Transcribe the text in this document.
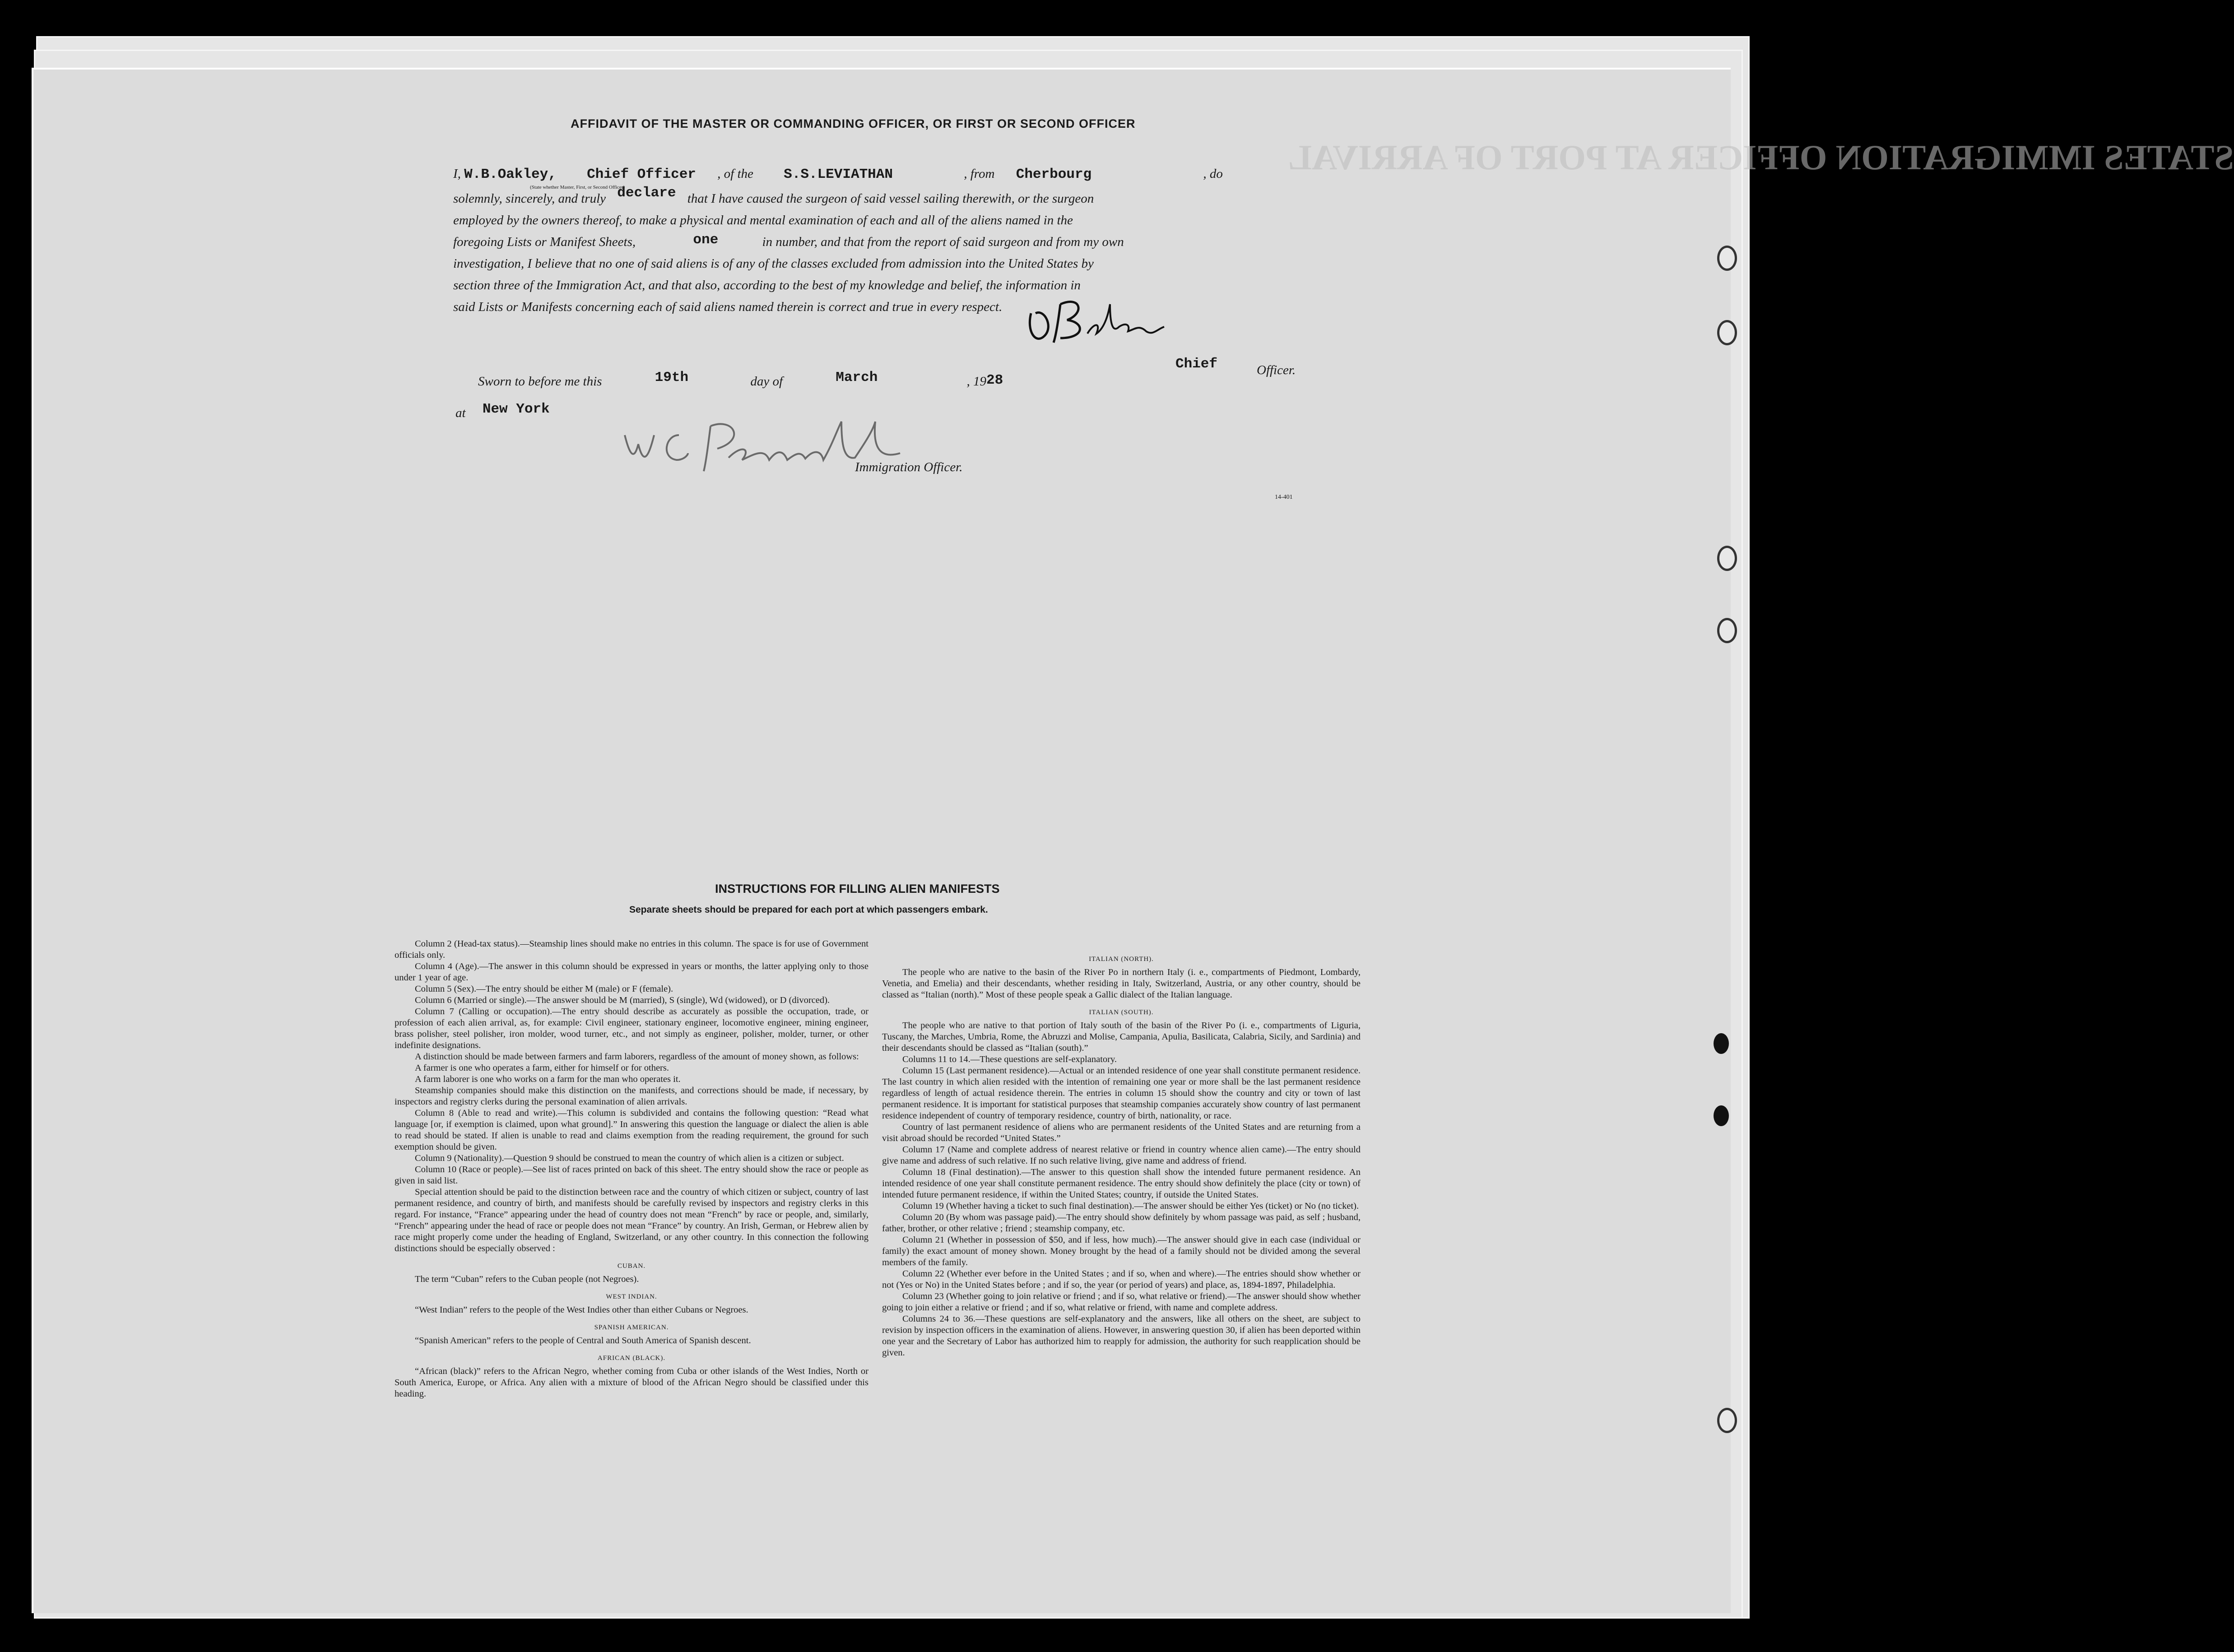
STATES IMMIGRATION OFFICER AT PORT OF ARRIVAL
AFFIDAVIT OF THE MASTER OR COMMANDING OFFICER, OR FIRST OR SECOND OFFICER
I, W.B.Oakley, Chief Officer , of the S.S.LEVIATHAN	, from Cherbourg	, do
(State whether Master, First, or Second Officer)
solemnly, sincerely, and truly declare that I have caused the surgeon of said vessel sailing therewith, or the surgeon
employed by the owners thereof, to make a physical and mental examination of each and all of the aliens named in the
foregoing Lists or Manifest Sheets,	one	in number, and that from the report of said surgeon and from my own
investigation, I believe that no one of said aliens is of any of the classes excluded from admission into the United States by
section three of the Immigration Act, and that also, according to the best of my knowledge and belief, the information in
said Lists or Manifests concerning each of said aliens named therein is correct and true in every respect.
Sworn to before me this	19th	day of	March	, 1928
Chief	Officer.
at New York
Immigration Officer.
14-401
INSTRUCTIONS FOR FILLING ALIEN MANIFESTS
Separate sheets should be prepared for each port at which passengers embark.

Column 2 (Head-tax status).—Steamship lines should make no entries in this column. The space is for use of Government officials only.

Column 4 (Age).—The answer in this column should be expressed in years or months, the latter applying only to those under 1 year of age.

Column 5 (Sex).—The entry should be either M (male) or F (female).

Column 6 (Married or single).—The answer should be M (married), S (single), Wd (widowed), or D (divorced).

Column 7 (Calling or occupation).—The entry should describe as accurately as possible the occupation, trade, or profession of each alien arrival, as, for example: Civil engineer, stationary engineer, locomotive engineer, mining engineer, brass polisher, steel polisher, iron molder, wood turner, etc., and not simply as engineer, polisher, molder, turner, or other indefinite designations.

A distinction should be made between farmers and farm laborers, regardless of the amount of money shown, as follows:

A farmer is one who operates a farm, either for himself or for others.

A farm laborer is one who works on a farm for the man who operates it.

Steamship companies should make this distinction on the manifests, and corrections should be made, if necessary, by inspectors and registry clerks during the personal examination of alien arrivals.

Column 8 (Able to read and write).—This column is subdivided and contains the following question: “Read what language [or, if exemption is claimed, upon what ground].” In answering this question the language or dialect the alien is able to read should be stated. If alien is unable to read and claims exemption from the reading requirement, the ground for such exemption should be given.

Column 9 (Nationality).—Question 9 should be construed to mean the country of which alien is a citizen or subject.

Column 10 (Race or people).—See list of races printed on back of this sheet. The entry should show the race or people as given in said list.

Special attention should be paid to the distinction between race and the country of which citizen or subject, country of last permanent residence, and country of birth, and manifests should be carefully revised by inspectors and registry clerks in this regard. For instance, “France” appearing under the head of country does not mean “French” by race or people, and, similarly, “French” appearing under the head of race or people does not mean “France” by country. An Irish, German, or Hebrew alien by race might properly come under the heading of England, Switzerland, or any other country. In this connection the following distinctions should be especially observed :

CUBAN.

The term “Cuban” refers to the Cuban people (not Negroes).

WEST INDIAN.

“West Indian” refers to the people of the West Indies other than either Cubans or Negroes.

SPANISH AMERICAN.

“Spanish American” refers to the people of Central and South America of Spanish descent.

AFRICAN (BLACK).

“African (black)” refers to the African Negro, whether coming from Cuba or other islands of the West Indies, North or South America, Europe, or Africa. Any alien with a mixture of blood of the African Negro should be classified under this heading.

ITALIAN (NORTH).

The people who are native to the basin of the River Po in northern Italy (i. e., compartments of Piedmont, Lombardy, Venetia, and Emelia) and their descendants, whether residing in Italy, Switzerland, Austria, or any other country, should be classed as “Italian (north).” Most of these people speak a Gallic dialect of the Italian language.

ITALIAN (SOUTH).

The people who are native to that portion of Italy south of the basin of the River Po (i. e., compartments of Liguria, Tuscany, the Marches, Umbria, Rome, the Abruzzi and Molise, Campania, Apulia, Basilicata, Calabria, Sicily, and Sardinia) and their descendants should be classed as “Italian (south).”

Columns 11 to 14.—These questions are self-explanatory.

Column 15 (Last permanent residence).—Actual or an intended residence of one year shall constitute permanent residence. The last country in which alien resided with the intention of remaining one year or more shall be the last permanent residence regardless of length of actual residence therein. The entries in column 15 should show the country and city or town of last permanent residence. It is important for statistical purposes that steamship companies accurately show country of last permanent residence independent of country of temporary residence, country of birth, nationality, or race.

Country of last permanent residence of aliens who are permanent residents of the United States and are returning from a visit abroad should be recorded “United States.”

Column 17 (Name and complete address of nearest relative or friend in country whence alien came).—The entry should give name and address of such relative. If no such relative living, give name and address of friend.

Column 18 (Final destination).—The answer to this question shall show the intended future permanent residence. An intended residence of one year shall constitute permanent residence. The entry should show definitely the place (city or town) of intended future permanent residence, if within the United States; country, if outside the United States.

Column 19 (Whether having a ticket to such final destination).—The answer should be either Yes (ticket) or No (no ticket).

Column 20 (By whom was passage paid).—The entry should show definitely by whom passage was paid, as self ; husband, father, brother, or other relative ; friend ; steamship company, etc.

Column 21 (Whether in possession of $50, and if less, how much).—The answer should give in each case (individual or family) the exact amount of money shown. Money brought by the head of a family should not be divided among the several members of the family.

Column 22 (Whether ever before in the United States ; and if so, when and where).—The entries should show whether or not (Yes or No) in the United States before ; and if so, the year (or period of years) and place, as, 1894-1897, Philadelphia.

Column 23 (Whether going to join relative or friend ; and if so, what relative or friend).—The answer should show whether going to join either a relative or friend ; and if so, what relative or friend, with name and complete address.

Columns 24 to 36.—These questions are self-explanatory and the answers, like all others on the sheet, are subject to revision by inspection officers in the examination of aliens. However, in answering question 30, if alien has been deported within one year and the Secretary of Labor has authorized him to reapply for admission, the authority for such reapplication should be given.
